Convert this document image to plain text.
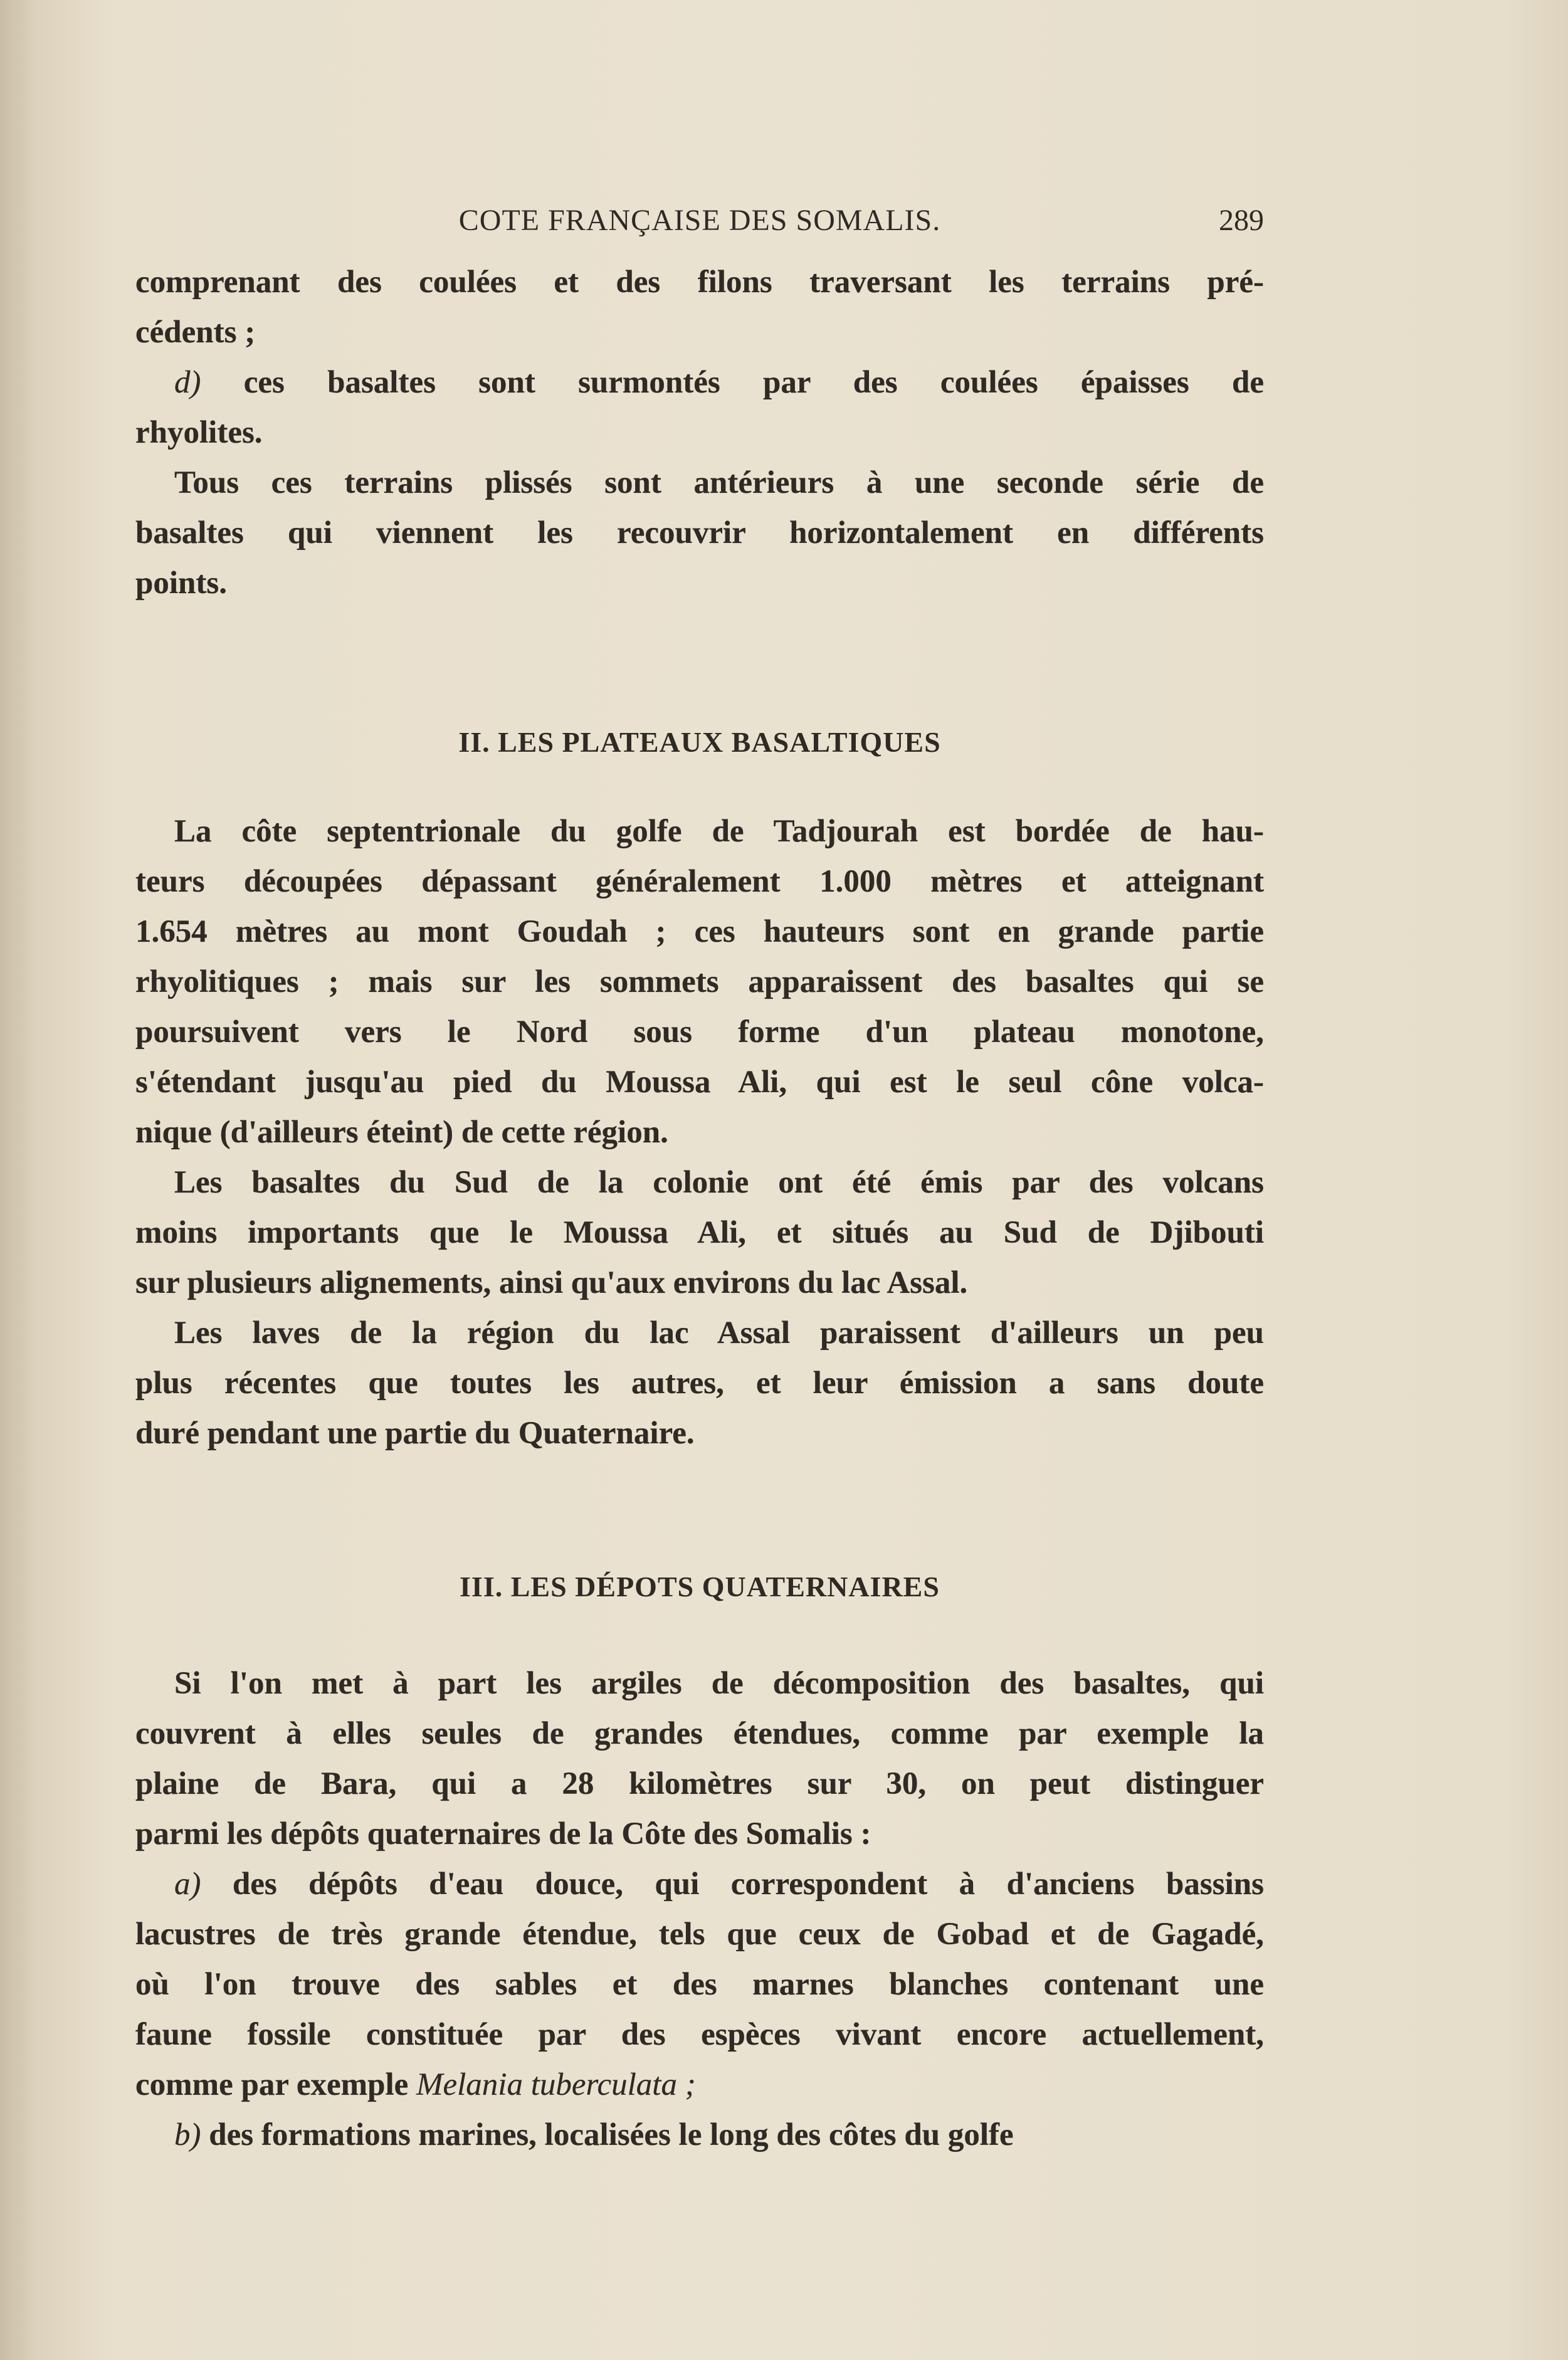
COTE FRANÇAISE DES SOMALIS.	289
comprenant des coulées et des filons traversant les terrains pré-
cédents ;
d) ces basaltes sont surmontés par des coulées épaisses de
rhyolites.
Tous ces terrains plissés sont antérieurs à une seconde série de
basaltes qui viennent les recouvrir horizontalement en différents
points.
II. LES PLATEAUX BASALTIQUES
La côte septentrionale du golfe de Tadjourah est bordée de hau-
teurs découpées dépassant généralement 1.000 mètres et atteignant
1.654 mètres au mont Goudah ; ces hauteurs sont en grande partie
rhyolitiques ; mais sur les sommets apparaissent des basaltes qui se
poursuivent vers le Nord sous forme d'un plateau monotone,
s'étendant jusqu'au pied du Moussa Ali, qui est le seul cône volca-
nique (d'ailleurs éteint) de cette région.
Les basaltes du Sud de la colonie ont été émis par des volcans
moins importants que le Moussa Ali, et situés au Sud de Djibouti
sur plusieurs alignements, ainsi qu'aux environs du lac Assal.
Les laves de la région du lac Assal paraissent d'ailleurs un peu
plus récentes que toutes les autres, et leur émission a sans doute
duré pendant une partie du Quaternaire.
III. LES DÉPOTS QUATERNAIRES
Si l'on met à part les argiles de décomposition des basaltes, qui
couvrent à elles seules de grandes étendues, comme par exemple la
plaine de Bara, qui a 28 kilomètres sur 30, on peut distinguer
parmi les dépôts quaternaires de la Côte des Somalis :
a) des dépôts d'eau douce, qui correspondent à d'anciens bassins
lacustres de très grande étendue, tels que ceux de Gobad et de Gagadé,
où l'on trouve des sables et des marnes blanches contenant une
faune fossile constituée par des espèces vivant encore actuellement,
comme par exemple Melania tuberculata ;
b) des formations marines, localisées le long des côtes du golfe
